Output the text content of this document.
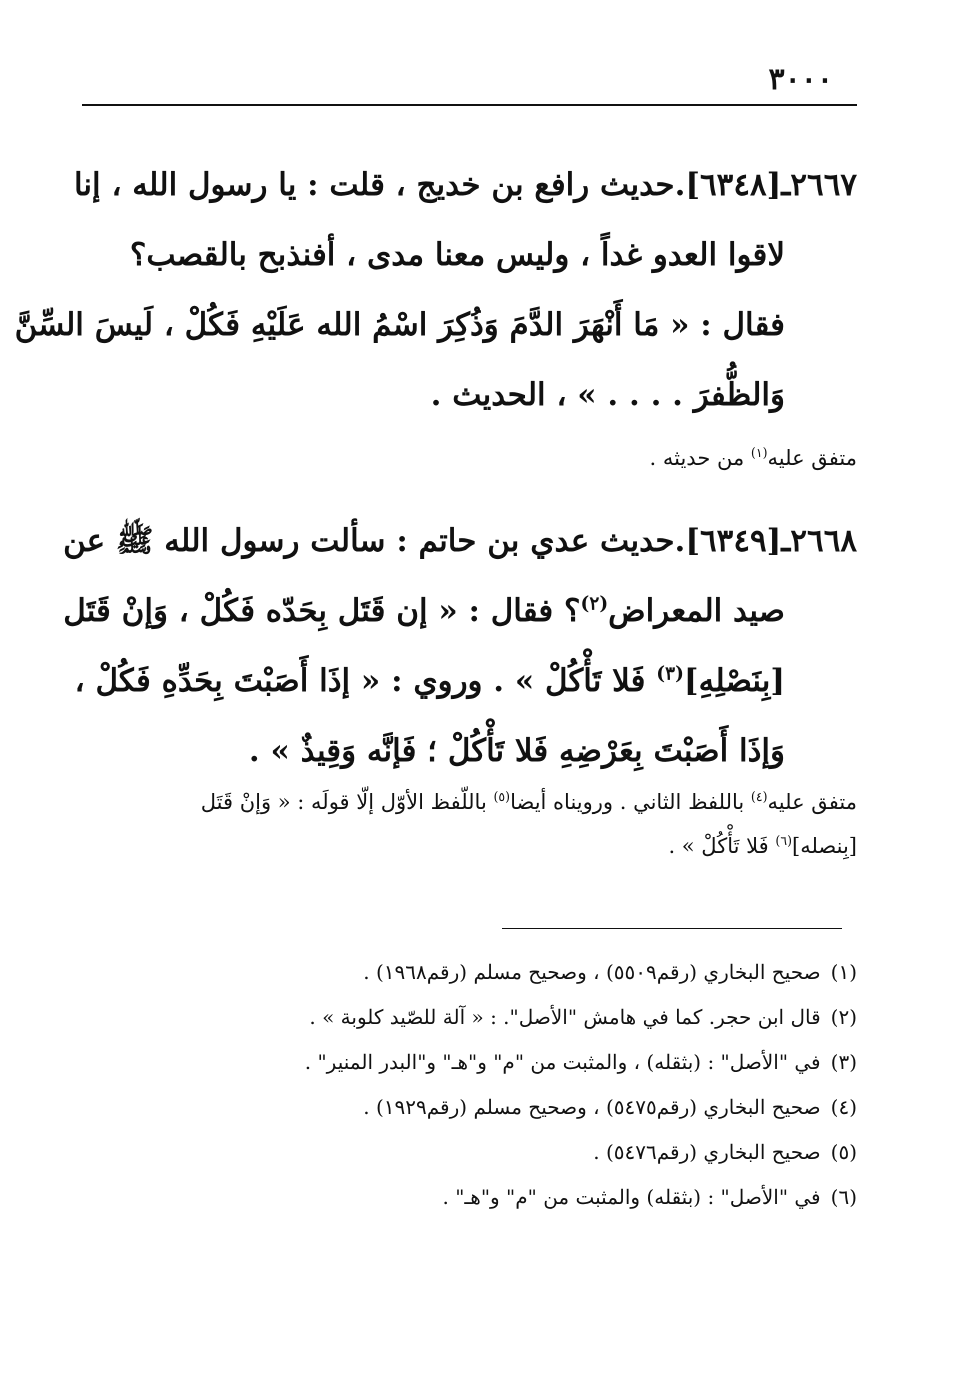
٣٠٠٠
٢٦٦٧ـ[٦٣٤٨].حديث رافع بن خديج ، قلت : يا رسول الله ، إنا
لاقوا العدو غداً ، وليس معنا مدى ، أفنذبح بالقصب؟
فقال : « مَا أَنْهَرَ الدَّمَ وَذُكِرَ اسْمُ الله عَلَيْهِ فَكُلْ ، لَيسَ السِّنَّ
وَالظُّفرَ . . . . » ، الحديث .
متفق عليه$^{(١)}$ من حديثه .
٢٦٦٨ـ[٦٣٤٩].حديث عدي بن حاتم : سألت رسول الله ﷺ عن
صيد المعراض$^{(٢)}$؟ فقال : « إن قَتَل بِحَدّه فَكُلْ ، وَإنْ قَتَل
[بِنَصْلِهِ]$^{(٣)}$ فَلا تَأْكُلْ » . وروي : « إذَا أَصَبْتَ بِحَدِّهِ فَكُلْ ،
وَإذَا أَصَبْتَ بِعَرْضِهِ فَلا تَأْكُلْ ؛ فَإنَّه وَقِيذٌ » .
متفق عليه$^{(٤)}$ باللفظ الثاني . ورويناه أيضا$^{(٥)}$ باللّفظ الأوّل إلّا قولَه : « وَإنْ قَتَل
[بِنصله]$^{(٦)}$ فَلا تَأْكُلْ » .
(١)صحيح البخاري (رقم٥٥٠٩) ، وصحيح مسلم (رقم١٩٦٨) .
(٢)قال ابن حجر. كما في هامش "الأصل". : « آلة للصّيد كلوبة » .
(٣)في "الأصل" : (بثقله) ، والمثبت من "م" و"هـ" و"البدر المنير" .
(٤)صحيح البخاري (رقم٥٤٧٥) ، وصحيح مسلم (رقم١٩٢٩) .
(٥)صحيح البخاري (رقم٥٤٧٦) .
(٦)في "الأصل" : (بثقله) والمثبت من "م" و"هـ" .
